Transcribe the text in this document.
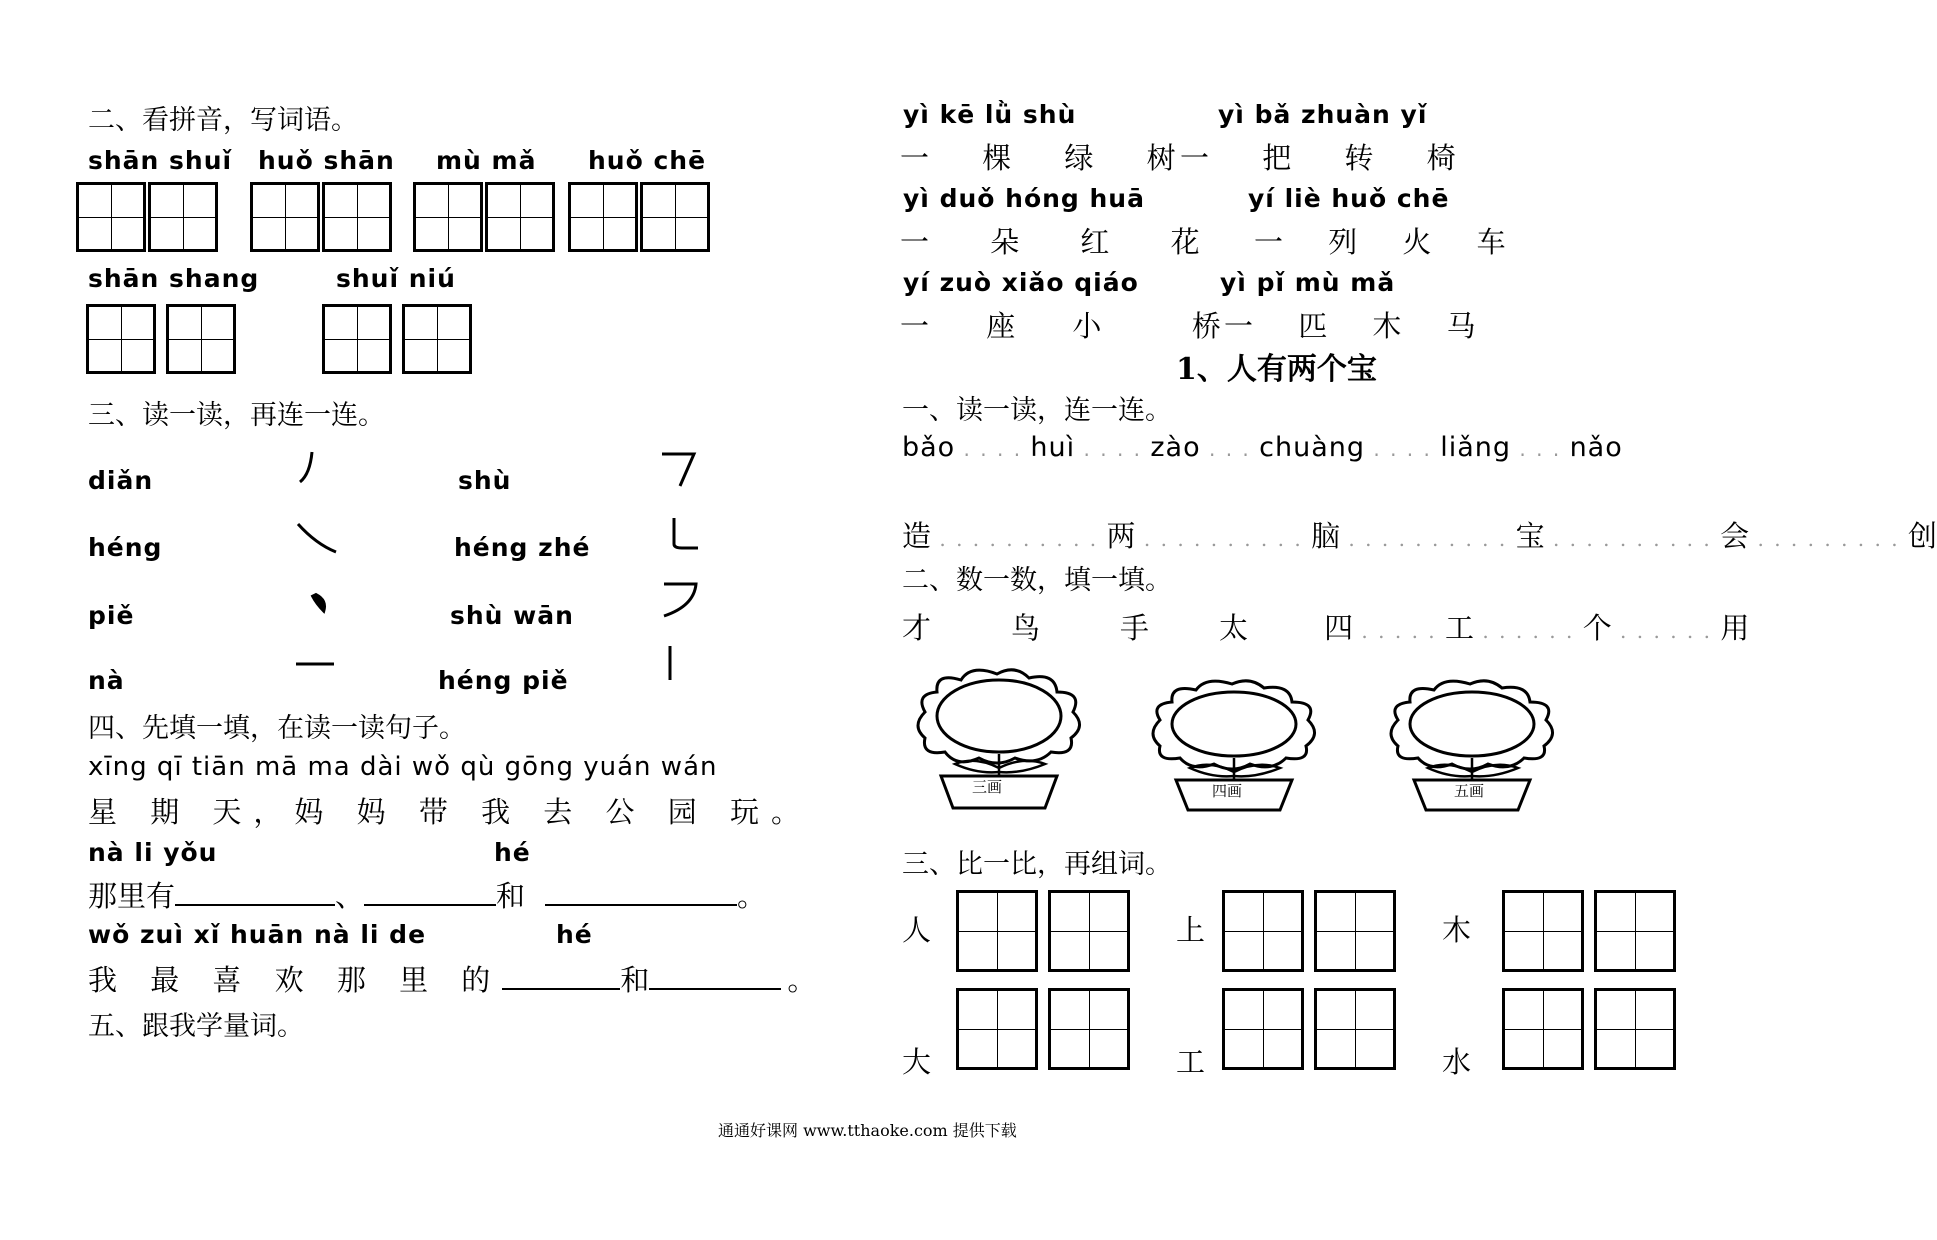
二、看拼音，写词语。
shān shuǐ huǒ shān mù mǎ huǒ chē
shān shang	shuǐ niú
三、读一读，再连一连。
diǎn
héng
piě
nà
shù
héng zhé
shù wān
héng piě
四、先填一填，在读一读句子。
xīng qī tiān mā ma dài wǒ qù gōng yuán wán
星 期 天，妈 妈 带 我 去 公 园 玩。
nà li yǒu	hé
那里有	、	和	。
wǒ zuì xǐ huān nà li de	hé
我 最 喜 欢 那 里 的	和	。
五、跟我学量词。
yì kē lǜ shù	yì bǎ zhuàn yǐ
一 棵 绿 树
一 把 转 椅
yì duǒ hóng huā	yí liè huǒ chē
一 朵 红 花 一 列 火 车
yí zuò xiǎo qiáo	yì pǐ mù mǎ
一 座 小  桥
一 匹 木 马
1、人有两个宝
一、读一读，连一连。
bǎo . . . . huì . . . . zào . . . chuàng . . . . liǎng . . . nǎo
造 . . . . . . . . . . 两 . . . . . . . . . . 脑 . . . . . . . . . . 宝 . . . . . . . . . . 会 . . . . . . . . . 创
二、数一数，填一填。
才	鸟	手 太	四 . . . . . 工 . . . . . . 个 . . . . . . 用
三画	四画	五画
三、比一比，再组词。
人	上	木
大	工	水
通通好课网 www.tthaoke.com 提供下载
